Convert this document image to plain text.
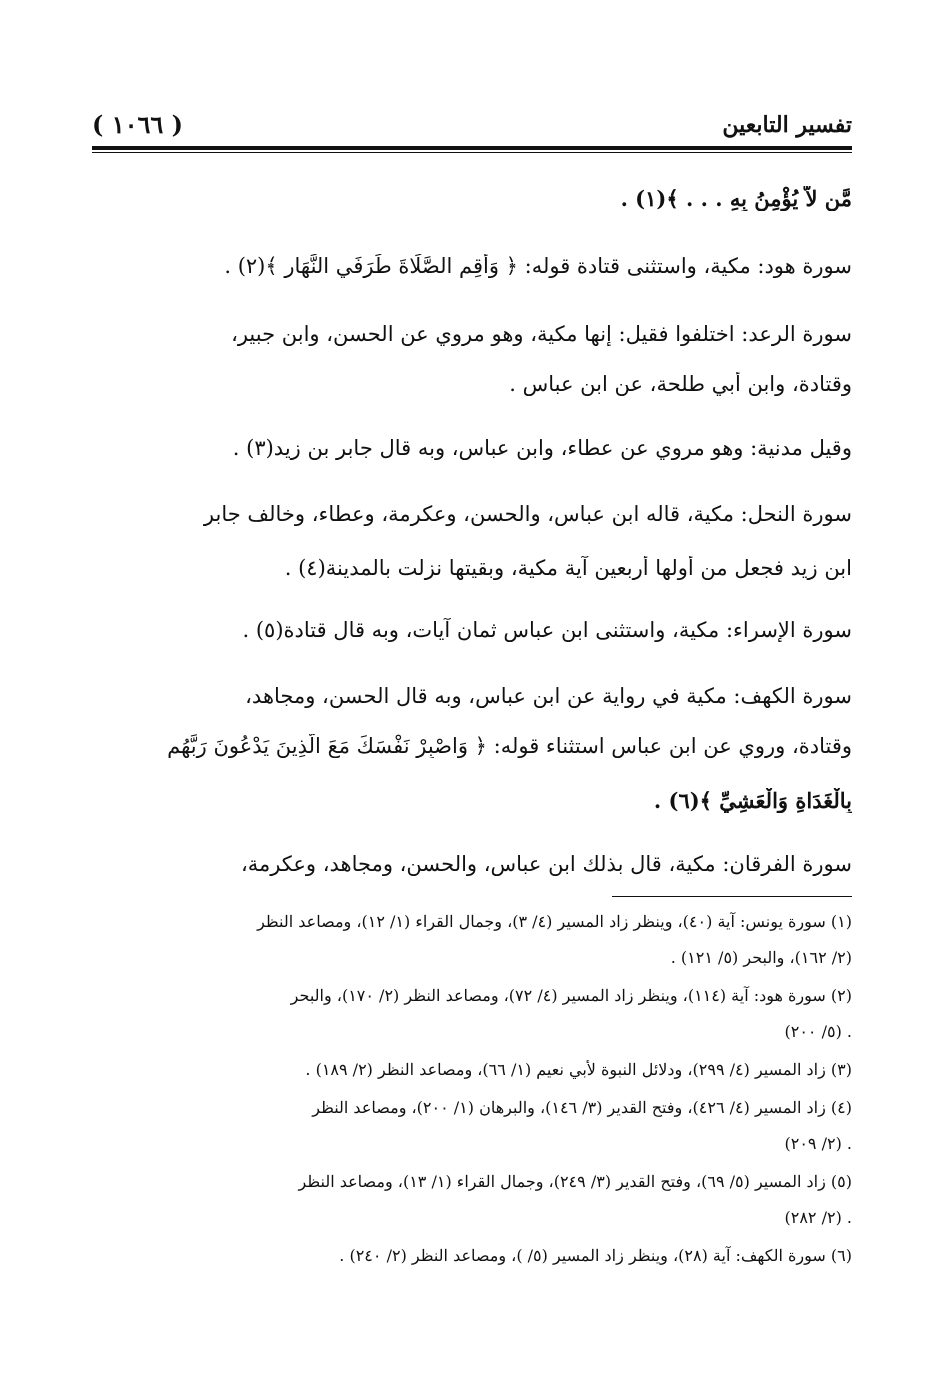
تفسير التابعين
( ١٠٦٦ )
مَّن لاَّ يُؤْمِنُ بِهِ . . . ﴾(١) .
سورة هود: مكية، واستثنى قتادة قوله: ﴿ وَأَقِمِ الصَّلَاةَ طَرَفَيِ النَّهَارِ ﴾(٢) .
سورة الرعد: اختلفوا فقيل: إنها مكية، وهو مروي عن الحسن، وابن جبير،
وقتادة، وابن أبي طلحة، عن ابن عباس .
وقيل مدنية: وهو مروي عن عطاء، وابن عباس، وبه قال جابر بن زيد(٣) .
سورة النحل: مكية، قاله ابن عباس، والحسن، وعكرمة، وعطاء، وخالف جابر
ابن زيد فجعل من أولها أربعين آية مكية، وبقيتها نزلت بالمدينة(٤) .
سورة الإسراء: مكية، واستثنى ابن عباس ثمان آيات، وبه قال قتادة(٥) .
سورة الكهف: مكية في رواية عن ابن عباس، وبه قال الحسن، ومجاهد،
وقتادة، وروي عن ابن عباس استثناء قوله: ﴿ وَاصْبِرْ نَفْسَكَ مَعَ الَّذِينَ يَدْعُونَ رَبَّهُم
بِالْغَدَاةِ وَالْعَشِيِّ ﴾(٦) .
سورة الفرقان: مكية، قال بذلك ابن عباس، والحسن، ومجاهد، وعكرمة،
(١) سورة يونس: آية (٤٠)، وينظر زاد المسير (٤/ ٣)، وجمال القراء (١/ ١٢)، ومصاعد النظر
(٢/ ١٦٢)، والبحر (٥/ ١٢١) .
(٢) سورة هود: آية (١١٤)، وينظر زاد المسير (٤/ ٧٢)، ومصاعد النظر (٢/ ١٧٠)، والبحر
(٥/ ٢٠٠) .
(٣) زاد المسير (٤/ ٢٩٩)، ودلائل النبوة لأبي نعيم (١/ ٦٦)، ومصاعد النظر (٢/ ١٨٩) .
(٤) زاد المسير (٤/ ٤٢٦)، وفتح القدير (٣/ ١٤٦)، والبرهان (١/ ٢٠٠)، ومصاعد النظر
(٢/ ٢٠٩) .
(٥) زاد المسير (٥/ ٦٩)، وفتح القدير (٣/ ٢٤٩)، وجمال القراء (١/ ١٣)، ومصاعد النظر
(٢/ ٢٨٢) .
(٦) سورة الكهف: آية (٢٨)، وينظر زاد المسير (٥/ )، ومصاعد النظر (٢/ ٢٤٠) .
